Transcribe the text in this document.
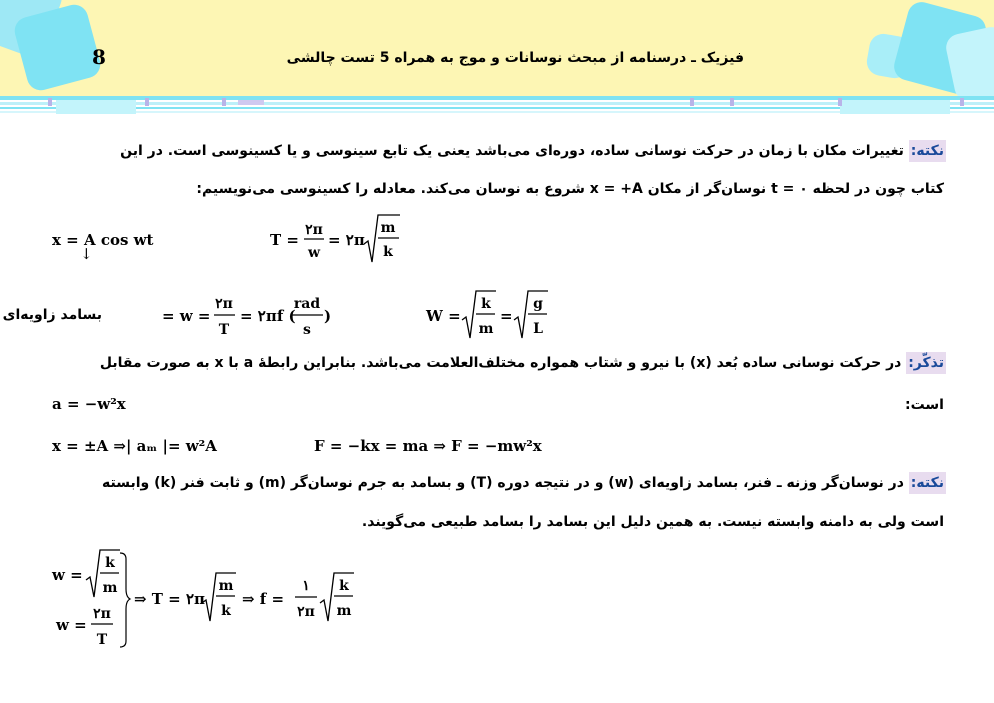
8	فیزیک ـ درسنامه از مبحث نوسانات و موج به همراه 5 تست چالشی
نکته: تغییرات مکان با زمان در حرکت نوسانی ساده، دوره‌ای می‌باشد یعنی یک تابع سینوسی و یا کسینوسی است. در این
کتاب چون در لحظه t = ۰ نوسان‌گر از مکان x = +A شروع به نوسان می‌کند. معادله را کسینوسی می‌نویسیم:
x = A cos wt
↓
T =
۲π
w
= ۲π
m
k
بسامد زاویه‌ای	= w =
۲π
T
= ۲πf (
rad
s
)	W =
k
m
=
g
L
تذکّر: در حرکت نوسانی ساده بُعد (x) با نیرو و شتاب همواره مختلف‌العلامت می‌باشد. بنابراین رابطهٔ a با x به صورت مقابل
a = −w²x	است:
x = ±A ⇒| aₘ |= w²A	F = −kx = ma ⇒ F = −mw²x
نکته: در نوسان‌گر وزنه ـ فنر، بسامد زاویه‌ای (w) و در نتیجه دوره (T) و بسامد به جرم نوسان‌گر (m) و ثابت فنر (k) وابسته
است ولی به دامنه وابسته نیست. به همین دلیل این بسامد را بسامد طبیعی می‌گویند.
w =
k
m
w =
۲π
T
⇒ T = ۲π
m
k
⇒ f =
۱
۲π
k
m
